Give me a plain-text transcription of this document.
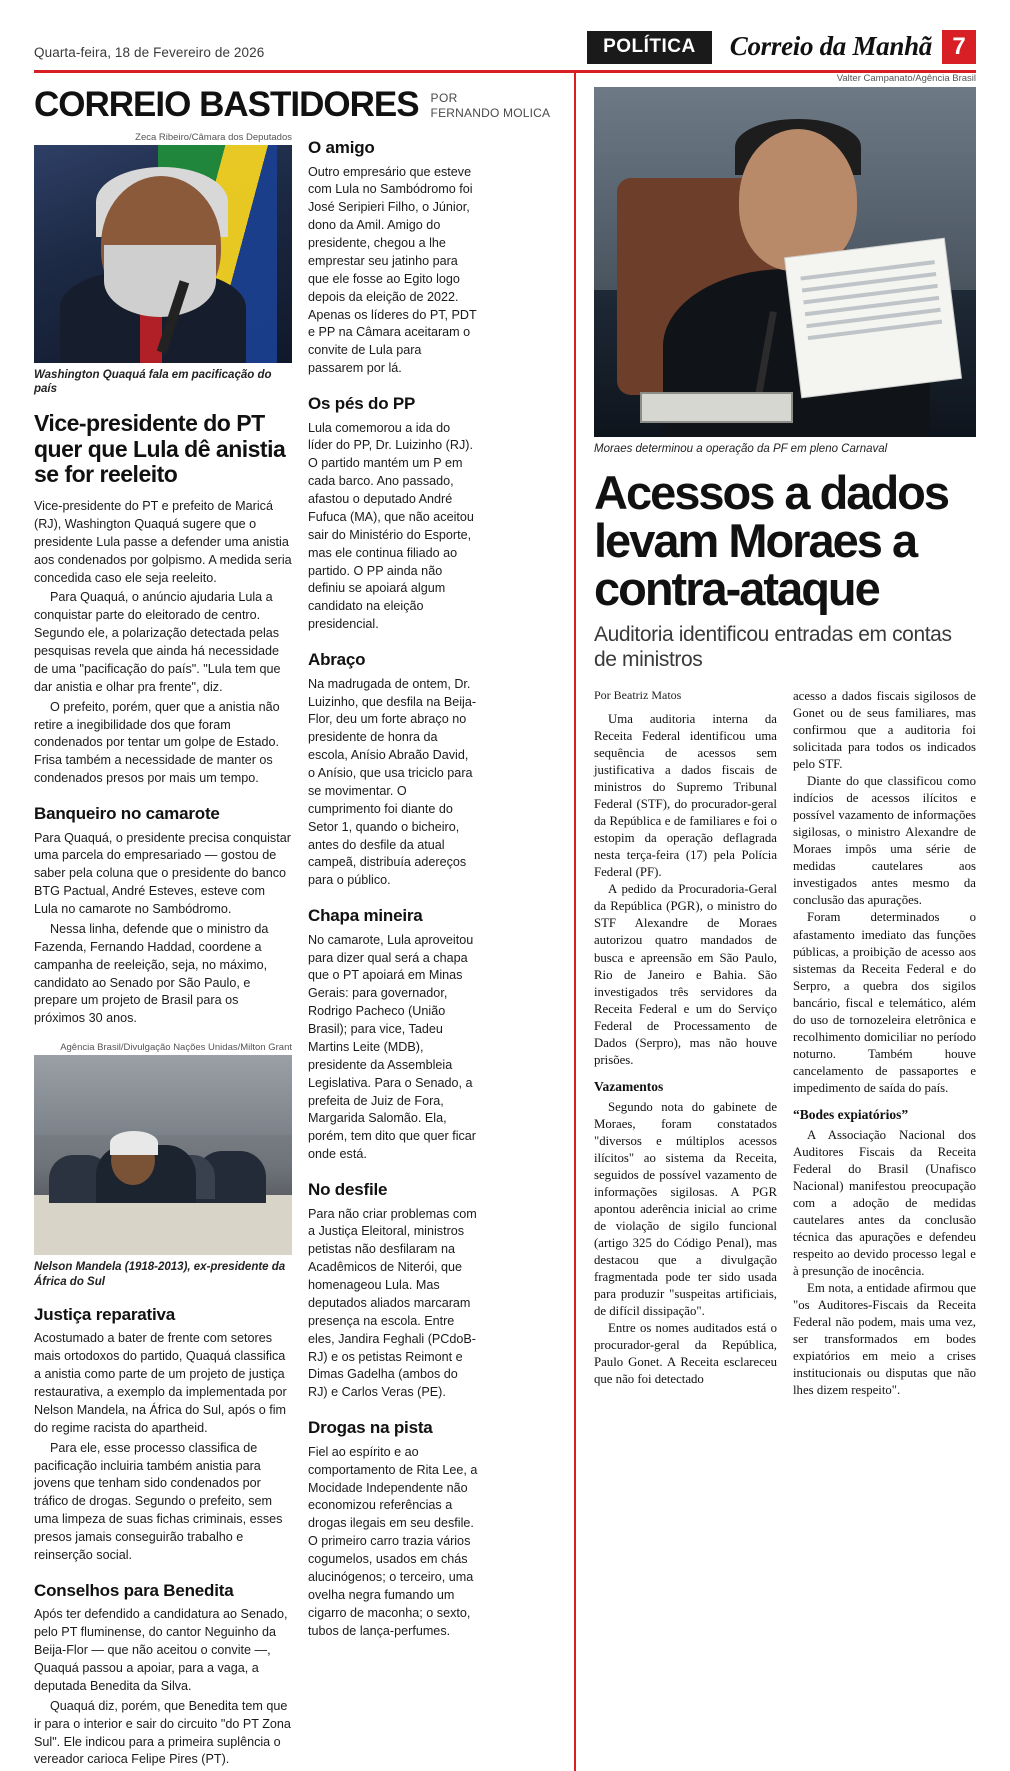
Quarta-feira, 18 de Fevereiro de 2026	POLÍTICA	Correio da Manhã 7
CORREIO BASTIDORES POR
FERNANDO MOLICA
Zeca Ribeiro/Câmara dos Deputados
Washington Quaquá fala em pacificação do país
Vice-presidente do PT quer que Lula dê anistia se for reeleito

Vice-presidente do PT e prefeito de Maricá (RJ), Washington Quaquá sugere que o presidente Lula passe a defender uma anistia aos condenados por golpismo. A medida seria concedida caso ele seja reeleito.

Para Quaquá, o anúncio ajudaria Lula a conquistar parte do eleitorado de centro. Segundo ele, a polarização detectada pelas pesquisas revela que ainda há necessidade de uma "pacificação do país". "Lula tem que dar anistia e olhar pra frente", diz.

O prefeito, porém, quer que a anistia não retire a inegibilidade dos que foram condenados por tentar um golpe de Estado. Frisa também a necessidade de manter os condenados presos por mais um tempo.

Banqueiro no camarote

Para Quaquá, o presidente precisa conquistar uma parcela do empresariado — gostou de saber pela coluna que o presidente do banco BTG Pactual, André Esteves, esteve com Lula no camarote no Sambódromo.

Nessa linha, defende que o ministro da Fazenda, Fernando Haddad, coordene a campanha de reeleição, seja, no máximo, candidato ao Senado por São Paulo, e prepare um projeto de Brasil para os próximos 30 anos.

Agência Brasil/Divulgação Nações Unidas/Milton Grant
Nelson Mandela (1918-2013), ex-presidente da África do Sul
Justiça reparativa

Acostumado a bater de frente com setores mais ortodoxos do partido, Quaquá classifica a anistia como parte de um projeto de justiça restaurativa, a exemplo da implementada por Nelson Mandela, na África do Sul, após o fim do regime racista do apartheid.

Para ele, esse processo classifica de pacificação incluiria também anistia para jovens que tenham sido condenados por tráfico de drogas. Segundo o prefeito, sem uma limpeza de suas fichas criminais, esses presos jamais conseguirão trabalho e reinserção social.

Conselhos para Benedita

Após ter defendido a candidatura ao Senado, pelo PT fluminense, do cantor Neguinho da Beija-Flor — que não aceitou o convite —, Quaquá passou a apoiar, para a vaga, a deputada Benedita da Silva.

Quaquá diz, porém, que Benedita tem que ir para o interior e sair do circuito "do PT Zona Sul". Ele indicou para a primeira suplência o vereador carioca Felipe Pires (PT).

O amigo

Outro empresário que esteve com Lula no Sambódromo foi José Seripieri Filho, o Júnior, dono da Amil. Amigo do presidente, chegou a lhe emprestar seu jatinho para que ele fosse ao Egito logo depois da eleição de 2022. Apenas os líderes do PT, PDT e PP na Câmara aceitaram o convite de Lula para passarem por lá.

Os pés do PP

Lula comemorou a ida do líder do PP, Dr. Luizinho (RJ). O partido mantém um P em cada barco. Ano passado, afastou o deputado André Fufuca (MA), que não aceitou sair do Ministério do Esporte, mas ele continua filiado ao partido. O PP ainda não definiu se apoiará algum candidato na eleição presidencial.

Abraço

Na madrugada de ontem, Dr. Luizinho, que desfila na Beija-Flor, deu um forte abraço no presidente de honra da escola, Anísio Abraão David, o Anísio, que usa triciclo para se movimentar. O cumprimento foi diante do Setor 1, quando o bicheiro, antes do desfile da atual campeã, distribuía adereços para o público.

Chapa mineira

No camarote, Lula aproveitou para dizer qual será a chapa que o PT apoiará em Minas Gerais: para governador, Rodrigo Pacheco (União Brasil); para vice, Tadeu Martins Leite (MDB), presidente da Assembleia Legislativa. Para o Senado, a prefeita de Juiz de Fora, Margarida Salomão. Ela, porém, tem dito que quer ficar onde está.

No desfile

Para não criar problemas com a Justiça Eleitoral, ministros petistas não desfilaram na Acadêmicos de Niterói, que homenageou Lula. Mas deputados aliados marcaram presença na escola. Entre eles, Jandira Feghali (PCdoB-RJ) e os petistas Reimont e Dimas Gadelha (ambos do RJ) e Carlos Veras (PE).

Drogas na pista

Fiel ao espírito e ao comportamento de Rita Lee, a Mocidade Independente não economizou referências a drogas ilegais em seu desfile. O primeiro carro trazia vários cogumelos, usados em chás alucinógenos; o terceiro, uma ovelha negra fumando um cigarro de maconha; o sexto, tubos de lança-perfumes.

Valter Campanato/Agência Brasil
Moraes determinou a operação da PF em pleno Carnaval
Acessos a dados levam Moraes a contra-ataque
Auditoria identificou entradas em contas de ministros
Por Beatriz Matos

Uma auditoria interna da Receita Federal identificou uma sequência de acessos sem justificativa a dados fiscais de ministros do Supremo Tribunal Federal (STF), do procurador-geral da República e de familiares e foi o estopim da operação deflagrada nesta terça-feira (17) pela Polícia Federal (PF).

A pedido da Procuradoria-Geral da República (PGR), o ministro do STF Alexandre de Moraes autorizou quatro mandados de busca e apreensão em São Paulo, Rio de Janeiro e Bahia. São investigados três servidores da Receita Federal e um do Serviço Federal de Processamento de Dados (Serpro), mas não houve prisões.

Vazamentos

Segundo nota do gabinete de Moraes, foram constatados "diversos e múltiplos acessos ilícitos" ao sistema da Receita, seguidos de possível vazamento de informações sigilosas. A PGR apontou aderência inicial ao crime de violação de sigilo funcional (artigo 325 do Código Penal), mas destacou que a divulgação fragmentada pode ter sido usada para produzir "suspeitas artificiais, de difícil dissipação".

Entre os nomes auditados está o procurador-geral da República, Paulo Gonet. A Receita esclareceu que não foi detectado

acesso a dados fiscais sigilosos de Gonet ou de seus familiares, mas confirmou que a auditoria foi solicitada para todos os indicados pelo STF.

Diante do que classificou como indícios de acessos ilícitos e possível vazamento de informações sigilosas, o ministro Alexandre de Moraes impôs uma série de medidas cautelares aos investigados antes mesmo da conclusão das apurações.

Foram determinados o afastamento imediato das funções públicas, a proibição de acesso aos sistemas da Receita Federal e do Serpro, a quebra dos sigilos bancário, fiscal e telemático, além do uso de tornozeleira eletrônica e recolhimento domiciliar no período noturno. Também houve cancelamento de passaportes e impedimento de saída do país.

“Bodes expiatórios”

A Associação Nacional dos Auditores Fiscais da Receita Federal do Brasil (Unafisco Nacional) manifestou preocupação com a adoção de medidas cautelares antes da conclusão técnica das apurações e defendeu respeito ao devido processo legal e à presunção de inocência.

Em nota, a entidade afirmou que "os Auditores-Fiscais da Receita Federal não podem, mais uma vez, ser transformados em bodes expiatórios em meio a crises institucionais ou disputas que não lhes dizem respeito".
